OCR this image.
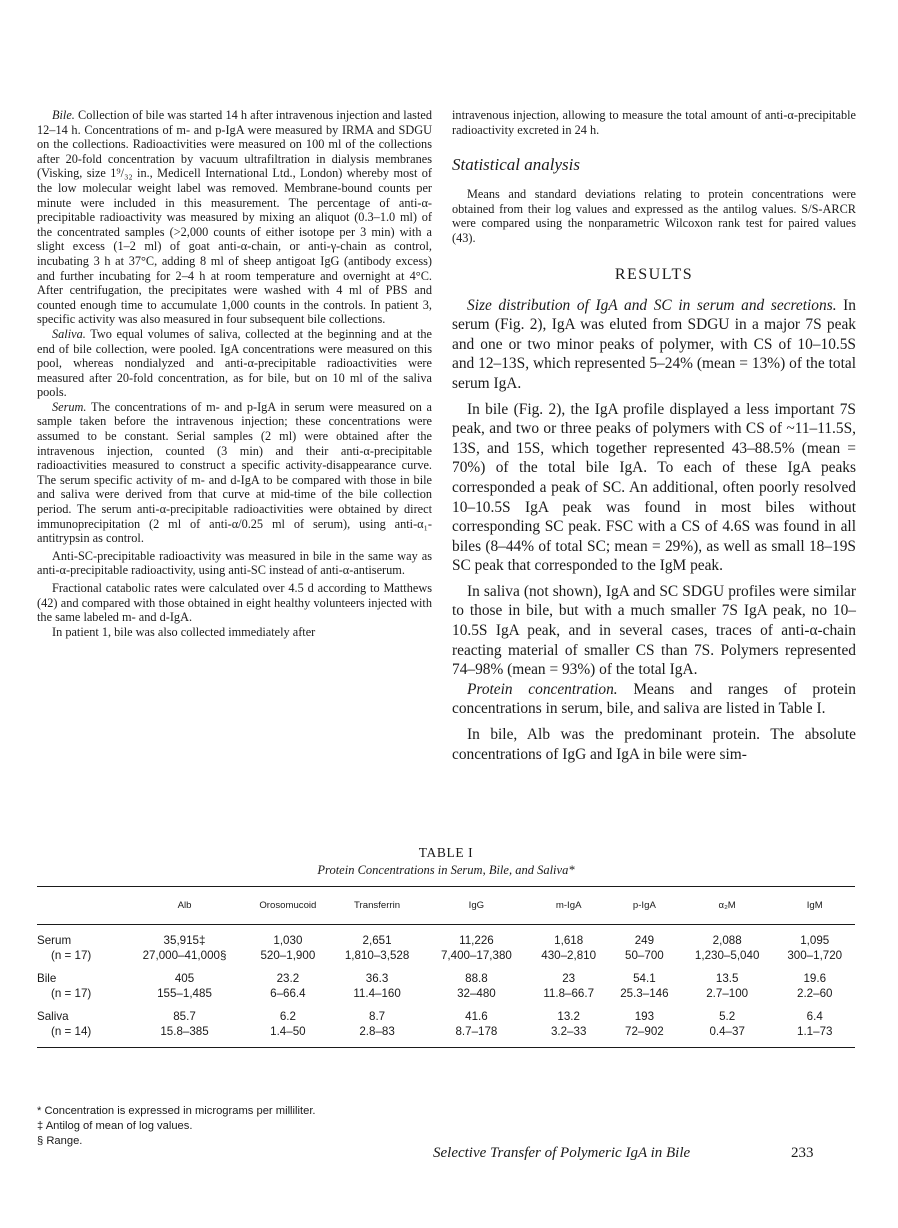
Bile. Collection of bile was started 14 h after intravenous injection and lasted 12–14 h. Concentrations of m- and p-IgA were measured by IRMA and SDGU on the collections. Radioactivities were measured on 100 ml of the collections after 20-fold concentration by vacuum ultrafiltration in dialysis membranes (Visking, size 1⁹/₃₂ in., Medicell International Ltd., London) whereby most of the low molecular weight label was removed. Membrane-bound counts per minute were included in this measurement. The percentage of anti-α-precipitable radioactivity was measured by mixing an aliquot (0.3–1.0 ml) of the concentrated samples (>2,000 counts of either isotope per 3 min) with a slight excess (1–2 ml) of goat anti-α-chain, or anti-γ-chain as control, incubating 3 h at 37°C, adding 8 ml of sheep antigoat IgG (antibody excess) and further incubating for 2–4 h at room temperature and overnight at 4°C. After centrifugation, the precipitates were washed with 4 ml of PBS and counted enough time to accumulate 1,000 counts in the controls. In patient 3, specific activity was also measured in four subsequent bile collections.

Saliva. Two equal volumes of saliva, collected at the beginning and at the end of bile collection, were pooled. IgA concentrations were measured on this pool, whereas nondialyzed and anti-α-precipitable radioactivities were measured after 20-fold concentration, as for bile, but on 10 ml of the saliva pools.

Serum. The concentrations of m- and p-IgA in serum were measured on a sample taken before the intravenous injection; these concentrations were assumed to be constant. Serial samples (2 ml) were obtained after the intravenous injection, counted (3 min) and their anti-α-precipitable radioactivities measured to construct a specific activity-disappearance curve. The serum specific activity of m- and d-IgA to be compared with those in bile and saliva were derived from that curve at mid-time of the bile collection period. The serum anti-α-precipitable radioactivities were obtained by direct immunoprecipitation (2 ml of anti-α/0.25 ml of serum), using anti-α₁-antitrypsin as control.

Anti-SC-precipitable radioactivity was measured in bile in the same way as anti-α-precipitable radioactivity, using anti-SC instead of anti-α-antiserum.

Fractional catabolic rates were calculated over 4.5 d according to Matthews (42) and compared with those obtained in eight healthy volunteers injected with the same labeled m- and d-IgA.

In patient 1, bile was also collected immediately after

intravenous injection, allowing to measure the total amount of anti-α-precipitable radioactivity excreted in 24 h.

Statistical analysis

Means and standard deviations relating to protein concentrations were obtained from their log values and expressed as the antilog values. S/S-ARCR were compared using the nonparametric Wilcoxon rank test for paired values (43).

RESULTS

Size distribution of IgA and SC in serum and secretions. In serum (Fig. 2), IgA was eluted from SDGU in a major 7S peak and one or two minor peaks of polymer, with CS of 10–10.5S and 12–13S, which represented 5–24% (mean = 13%) of the total serum IgA.

In bile (Fig. 2), the IgA profile displayed a less important 7S peak, and two or three peaks of polymers with CS of ~11–11.5S, 13S, and 15S, which together represented 43–88.5% (mean = 70%) of the total bile IgA. To each of these IgA peaks corresponded a peak of SC. An additional, often poorly resolved 10–10.5S IgA peak was found in most biles without corresponding SC peak. FSC with a CS of 4.6S was found in all biles (8–44% of total SC; mean = 29%), as well as small 18–19S SC peak that corresponded to the IgM peak.

In saliva (not shown), IgA and SC SDGU profiles were similar to those in bile, but with a much smaller 7S IgA peak, no 10–10.5S IgA peak, and in several cases, traces of anti-α-chain reacting material of smaller CS than 7S. Polymers represented 74–98% (mean = 93%) of the total IgA.

Protein concentration. Means and ranges of protein concentrations in serum, bile, and saliva are listed in Table I.

In bile, Alb was the predominant protein. The absolute concentrations of IgG and IgA in bile were sim-

TABLE I
Protein Concentrations in Serum, Bile, and Saliva*
	Alb	Orosomucoid	Transferrin	IgG	m-IgA	p-IgA	α₂M	IgM
Serum	35,915‡	1,030	2,651	11,226	1,618	249	2,088	1,095
(n = 17)	27,000–41,000§	520–1,900	1,810–3,528	7,400–17,380	430–2,810	50–700	1,230–5,040	300–1,720
Bile	405	23.2	36.3	88.8	23	54.1	13.5	19.6
(n = 17)	155–1,485	6–66.4	11.4–160	32–480	11.8–66.7	25.3–146	2.7–100	2.2–60
Saliva	85.7	6.2	8.7	41.6	13.2	193	5.2	6.4
(n = 14)	15.8–385	1.4–50	2.8–83	8.7–178	3.2–33	72–902	0.4–37	1.1–73
* Concentration is expressed in micrograms per milliliter.
‡ Antilog of mean of log values.
§ Range.
Selective Transfer of Polymeric IgA in Bile	233
